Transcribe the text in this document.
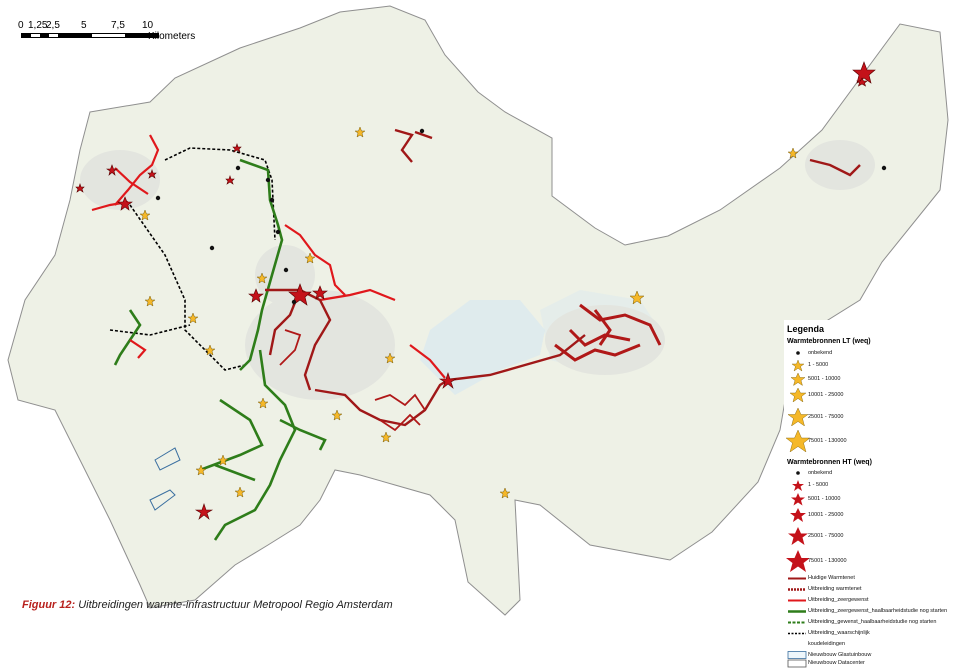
0 1,25
2,5 5 7,5 10
Kilometers
Figuur 12: Uitbreidingen warmte-infrastructuur Metropool Regio Amsterdam
Legenda
Warmtebronnen LT (weq)
onbekend
1 - 5000
5001 - 10000
10001 - 25000
25001 - 75000
75001 - 130000
Warmtebronnen HT (weq)
onbekend
1 - 5000
5001 - 10000
10001 - 25000
25001 - 75000
75001 - 130000
Huidige Warmtenet
Uitbreiding warmtenet
Uitbreiding_zeergewenst
Uitbreiding_zeergewenst_haalbaarheidstudie nog starten
Uitbreiding_gewenst_haalbaarheidstudie nog starten
Uitbreiding_waarschijnlijk
koudeleidingen
Nieuwbouw Glastuinbouw
Nieuwbouw Datacenter
